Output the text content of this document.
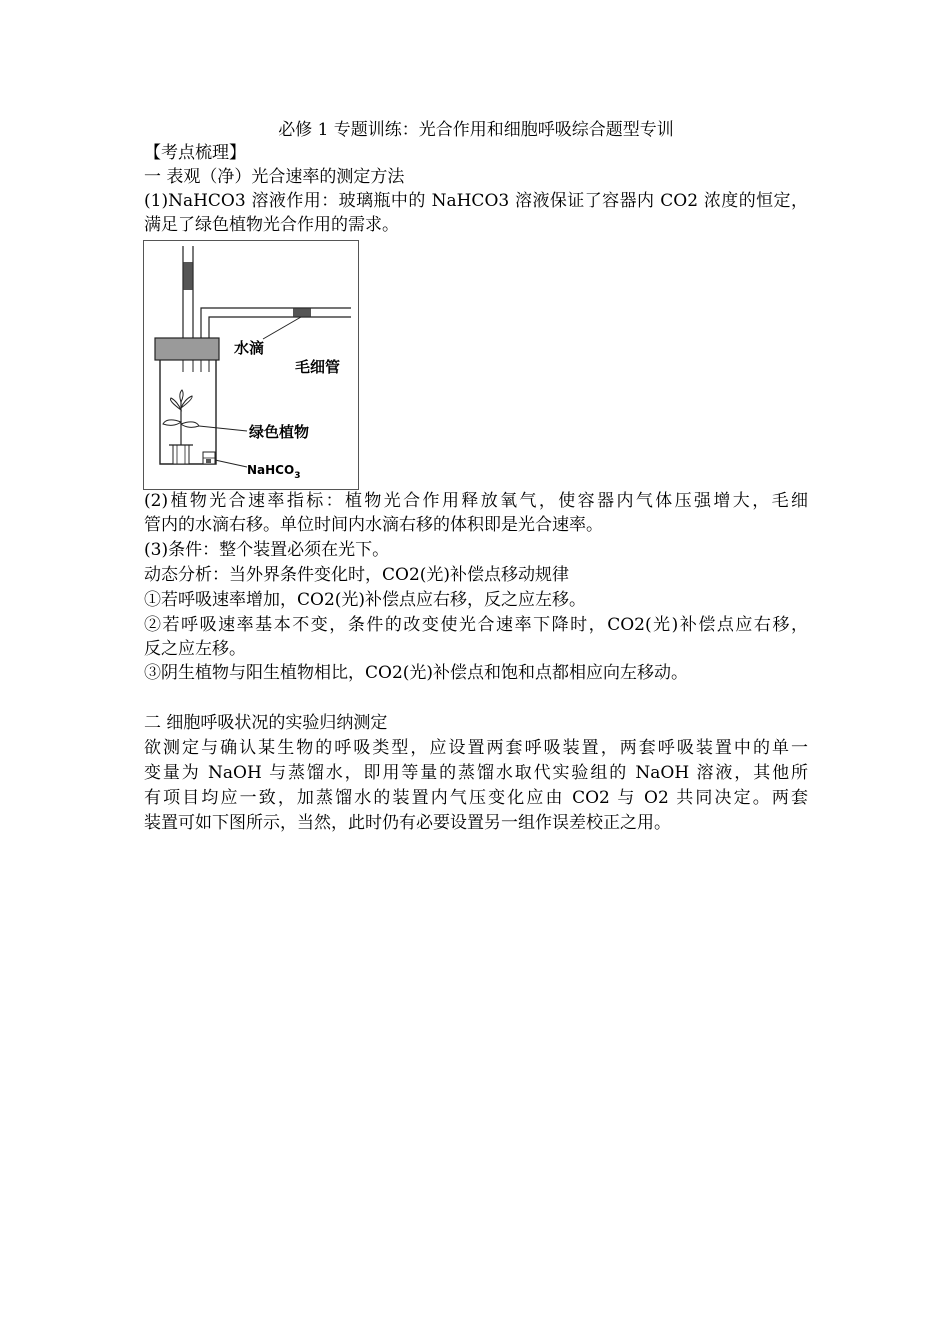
必修 1 专题训练：光合作用和细胞呼吸综合题型专训
【考点梳理】
一 表观（净）光合速率的测定方法
(1)NaHCO3 溶液作用：玻璃瓶中的 NaHCO3 溶液保证了容器内 CO2 浓度的恒定，
满足了绿色植物光合作用的需求。
水滴
毛细管
绿色植物
NaHCO$_3$
(2)植物光合速率指标：植物光合作用释放氧气，使容器内气体压强增大，毛细
管内的水滴右移。单位时间内水滴右移的体积即是光合速率。
(3)条件：整个装置必须在光下。
动态分析：当外界条件变化时，CO2(光)补偿点移动规律
①若呼吸速率增加，CO2(光)补偿点应右移，反之应左移。
②若呼吸速率基本不变，条件的改变使光合速率下降时，CO2(光)补偿点应右移，
反之应左移。
③阴生植物与阳生植物相比，CO2(光)补偿点和饱和点都相应向左移动。
二 细胞呼吸状况的实验归纳测定
欲测定与确认某生物的呼吸类型，应设置两套呼吸装置，两套呼吸装置中的单一
变量为 NaOH 与蒸馏水，即用等量的蒸馏水取代实验组的 NaOH 溶液，其他所
有项目均应一致，加蒸馏水的装置内气压变化应由 CO2 与 O2 共同决定。两套
装置可如下图所示，当然，此时仍有必要设置另一组作误差校正之用。
